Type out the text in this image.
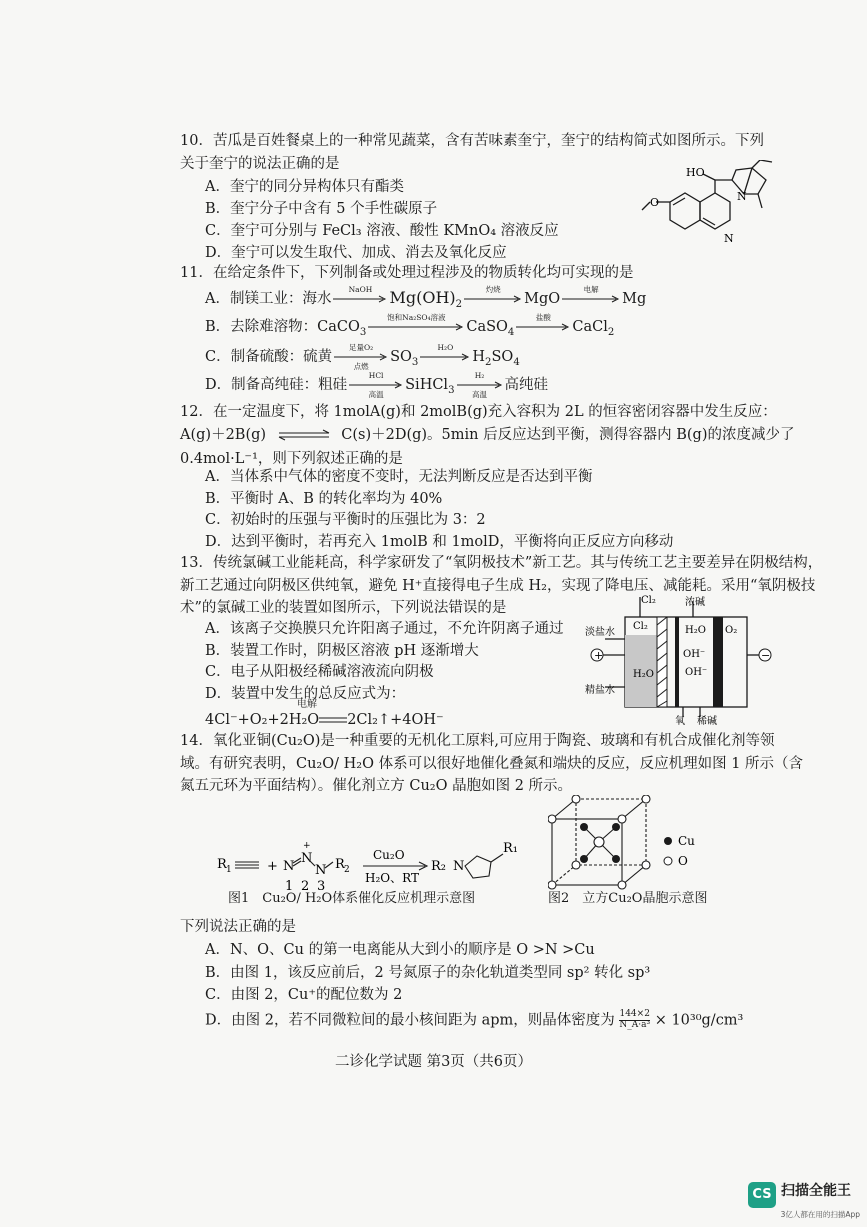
10．苦瓜是百姓餐桌上的一种常见蔬菜，含有苦味素奎宁，奎宁的结构简式如图所示。下列
关于奎宁的说法正确的是
A．奎宁的同分异构体只有酯类
B．奎宁分子中含有 5 个手性碳原子
C．奎宁可分别与 FeCl₃ 溶液、酸性 KMnO₄ 溶液反应
D．奎宁可以发生取代、加成、消去及氧化反应
HO
N
N
O
11．在给定条件下，下列制备或处理过程涉及的物质转化均可实现的是
A．制镁工业：海水
NaOH	$Mg(OH)_2$
灼烧
MgO
电解
Mg
B．去除难溶物：CaCO$_3$
饱和Na₂SO₄溶液
CaSO$_4$
盐酸
CaCl$_2$
C．制备硫酸：硫黄
足量O₂
点燃
$SO_3$
H₂O
$H_2SO_4$
D．制备高纯硅：粗硅
HCl
高温
SiHCl$_3$
H₂
高温
高纯硅
12．在一定温度下，将 1molA(g)和 2molB(g)充入容积为 2L 的恒容密闭容器中发生反应：
A(g)＋2B(g) ⇌ C(s)＋2D(g)。5min 后反应达到平衡，测得容器内 B(g)的浓度减少了
0.4mol·L⁻¹，则下列叙述正确的是
A．当体系中气体的密度不变时，无法判断反应是否达到平衡
B．平衡时 A、B 的转化率均为 40%
C．初始时的压强与平衡时的压强比为 3：2
D．达到平衡时，若再充入 1molB 和 1molD，平衡将向正反应方向移动
13．传统氯碱工业能耗高，科学家研发了“氧阴极技术”新工艺。其与传统工艺主要差异在阴极结构，
新工艺通过向阴极区供纯氧，避免 H⁺直接得电子生成 H₂，实现了降电压、减能耗。采用“氧阴极技
术”的氯碱工业的装置如图所示，下列说法错误的是
A．该离子交换膜只允许阳离子通过，不允许阴离子通过
B．装置工作时，阴极区溶液 pH 逐渐增大
C．电子从阳极经稀碱溶液流向阴极
D．装置中发生的总反应式为：
电解
4Cl⁻+O₂+2H₂O 2Cl₂↑+4OH⁻
+	−
Cl₂	浓碱
淡盐水
精盐水
Cl₂
H₂O
H₂O O₂
OH⁻
OH⁻
氧 稀碱
14．氧化亚铜(Cu₂O)是一种重要的无机化工原料,可应用于陶瓷、玻璃和有机合成催化剂等领
域。有研究表明，Cu₂O/ H₂O 体系可以很好地催化叠氮和端炔的反应，反应机理如图 1 所示（含
氮五元环为平面结构）。催化剂立方 Cu₂O 晶胞如图 2 所示。
R 1	+ N
N
N
+
R 2
Cu₂O
H₂O、RT
1 2 3
R₂ N
R₁
图1　Cu₂O/ H₂O体系催化反应机理示意图
Cu
O
图2　立方Cu₂O晶胞示意图
下列说法正确的是
A．N、O、Cu 的第一电离能从大到小的顺序是 O >N >Cu
B．由图 1，该反应前后，2 号氮原子的杂化轨道类型同 sp² 转化 sp³
C．由图 2，Cu⁺的配位数为 2
D．由图 2，若不同微粒间的最小核间距为 apm，则晶体密度为 $\frac{144\times 2}{\text{N\_A·a³}} \times 10^{30}g/cm^3$
二诊化学试题 第3页（共6页）
CS 扫描全能王
3亿人都在用的扫描App
